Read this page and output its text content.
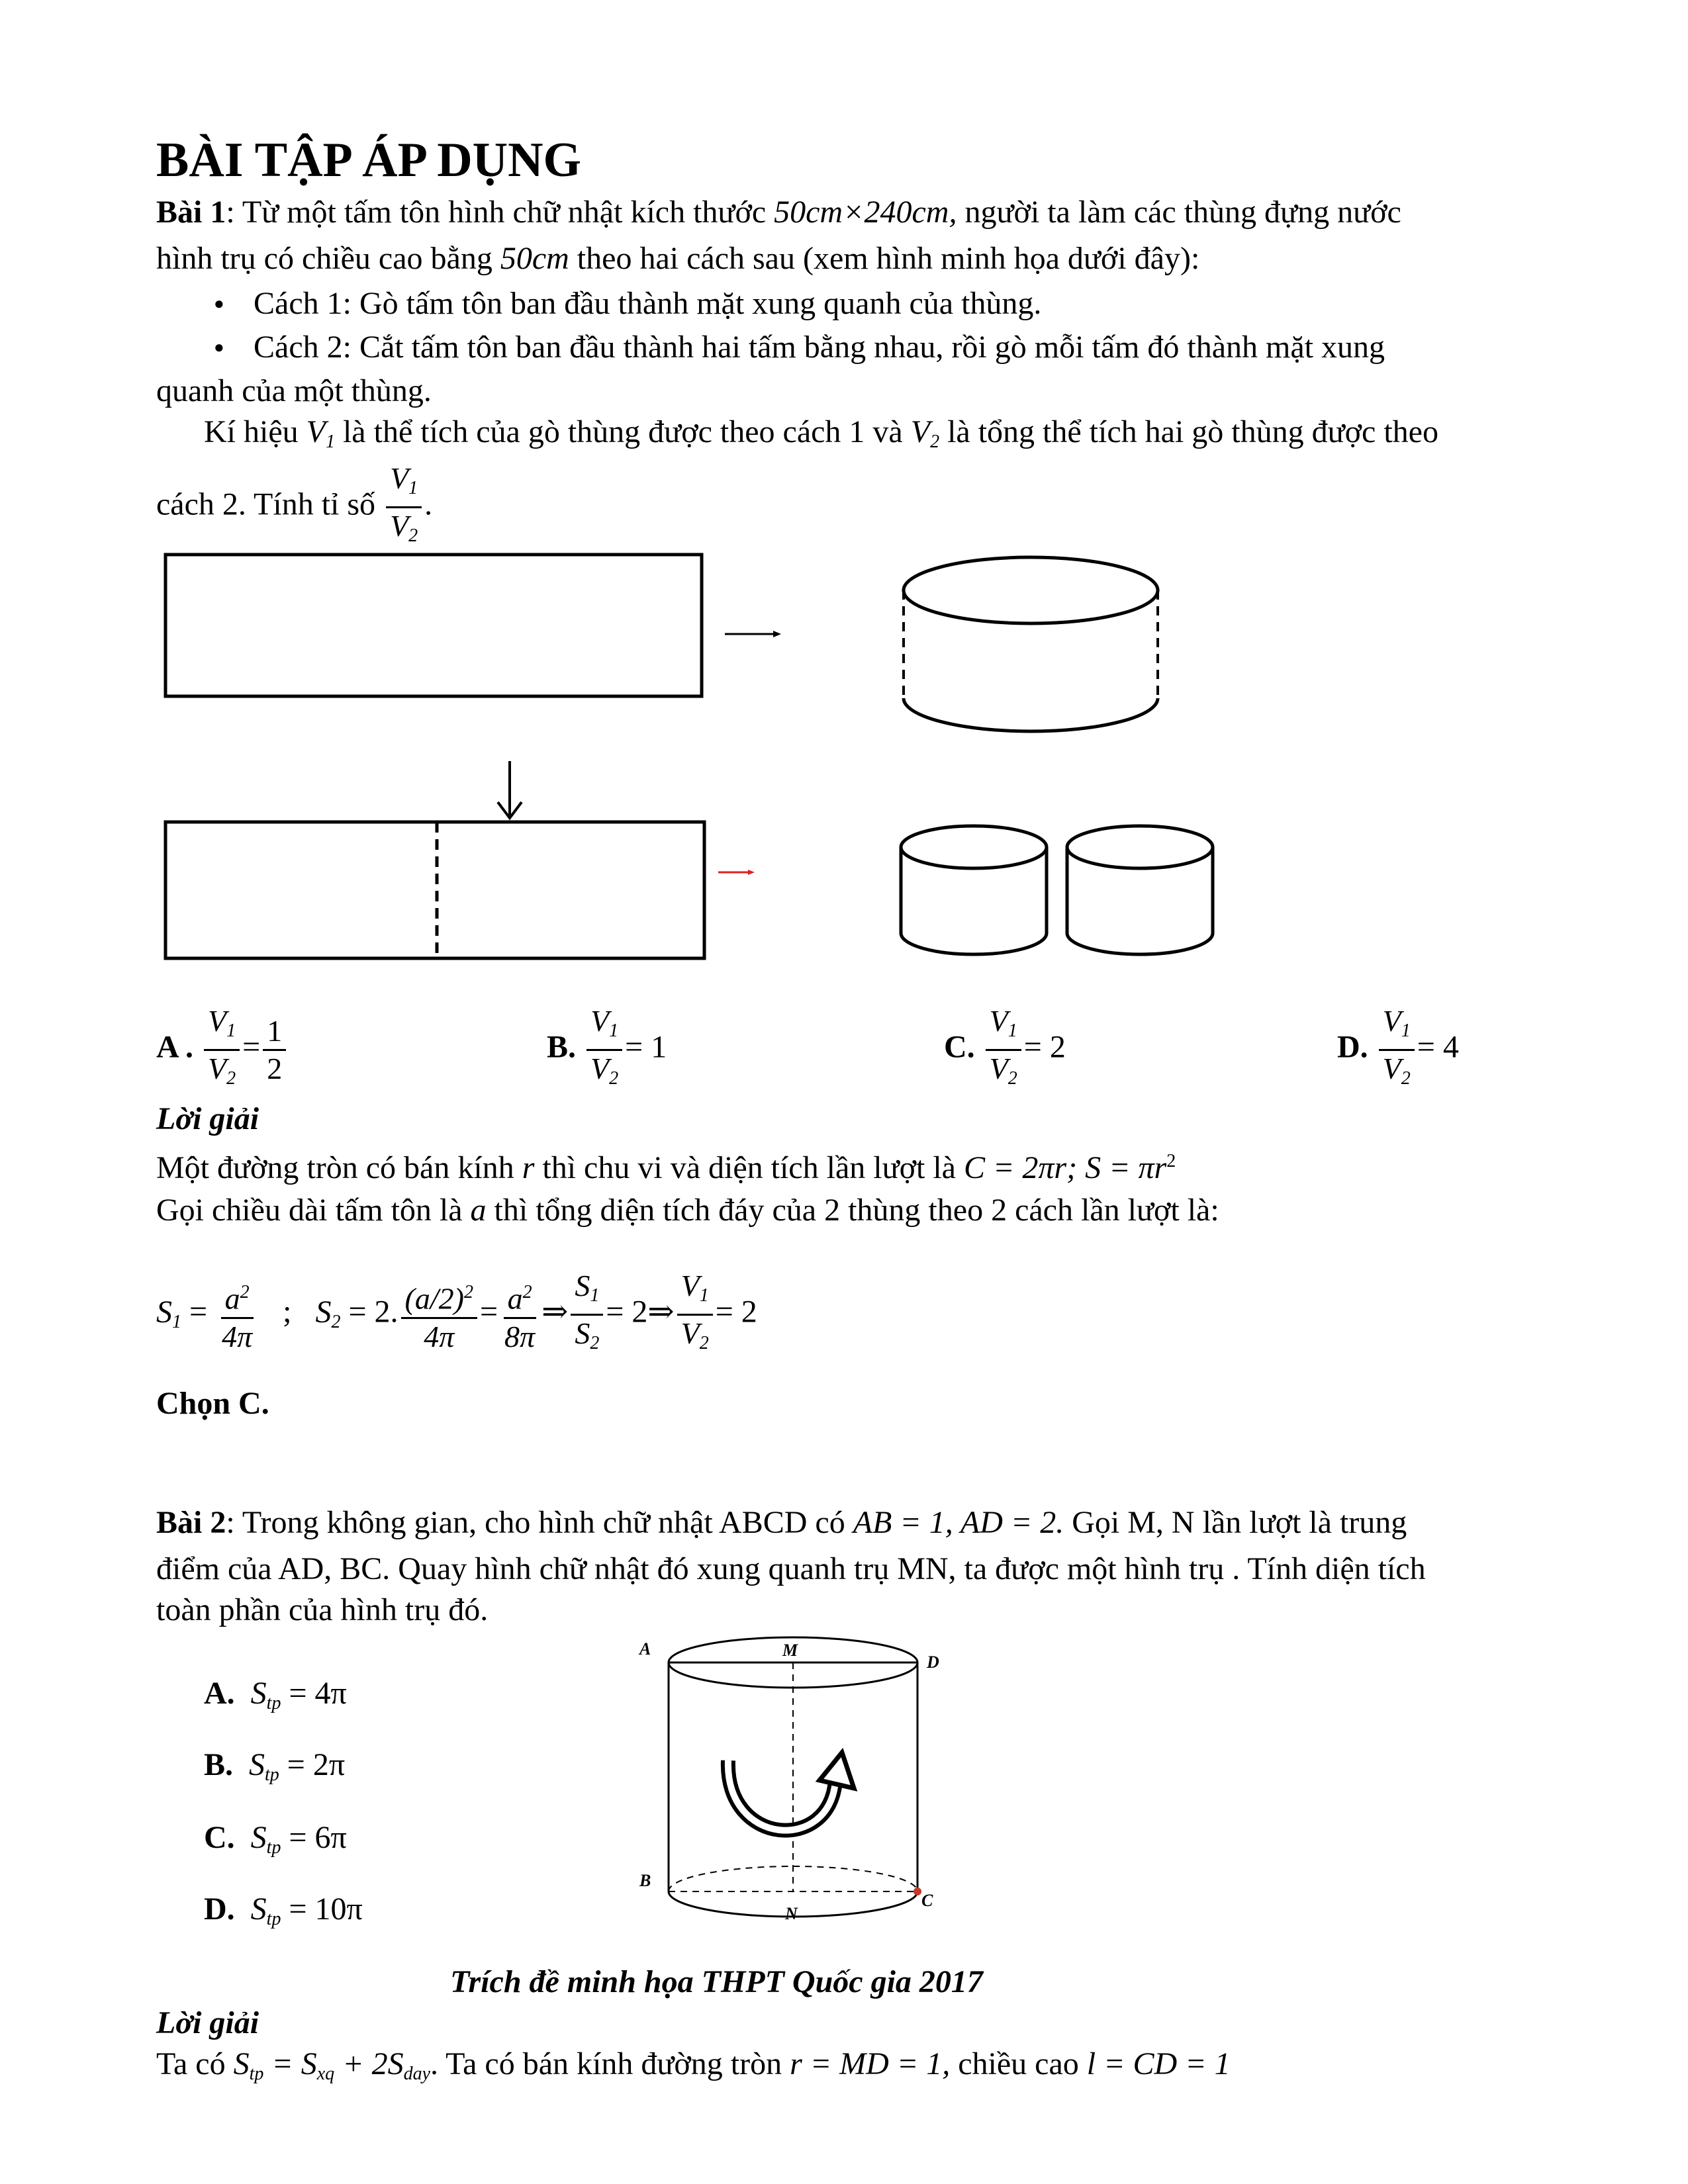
BÀI TẬP ÁP DỤNG
Bài 1: Từ một tấm tôn hình chữ nhật kích thước 50cm×240cm, người ta làm các thùng đựng nước
hình trụ có chiều cao bằng 50cm theo hai cách sau (xem hình minh họa dưới đây):
● Cách 1: Gò tấm tôn ban đầu thành mặt xung quanh của thùng.
● Cách 2: Cắt tấm tôn ban đầu thành hai tấm bằng nhau, rồi gò mỗi tấm đó thành mặt xung
quanh của một thùng.
Kí hiệu $V_1$ là thể tích của gò thùng được theo cách 1 và $V_2$ là tổng thể tích hai gò thùng được theo
cách 2. Tính tỉ số $\frac{V_1}{V_2}$ .
A . $\frac{V_1}{V_2} = \frac{1}{2}$	B. $\frac{V_1}{V_2} = 1$	C. $\frac{V_1}{V_2} = 2$	D. $\frac{V_1}{V_2} = 4$
Lời giải
Một đường tròn có bán kính r thì chu vi và diện tích lần lượt là C = 2πr; $S = \pi r^2$
Gọi chiều dài tấm tôn là a thì tổng diện tích đáy của 2 thùng theo 2 cách lần lượt là:
$S_1 = \frac{a^2}{4\pi}$ ;   $S_2 = 2$. $\frac{(a/2)^2}{4\pi} = \frac{a^2}{8\pi}$ ⇒ $\frac{S_1}{S_2}$ = 2⇒ $\frac{V_1}{V_2} = 2$
Chọn C.
Bài 2: Trong không gian, cho hình chữ nhật ABCD có AB = 1, AD = 2. Gọi M, N lần lượt là trung
điểm của AD, BC. Quay hình chữ nhật đó xung quanh trụ MN, ta được một hình trụ . Tính diện tích
toàn phần của hình trụ đó.
A. $S_{tp} = 4\pi$
B. $S_{tp} = 2\pi$
C. $S_{tp} = 6\pi$
D. $S_{tp} = 10\pi$
A	M
D
B
N
C
Trích đề minh họa THPT Quốc gia 2017
Lời giải
Ta có $S_{tp} = S_{xq} + 2S_{day}$. Ta có bán kính đường tròn r = MD = 1, chiều cao l = CD = 1
